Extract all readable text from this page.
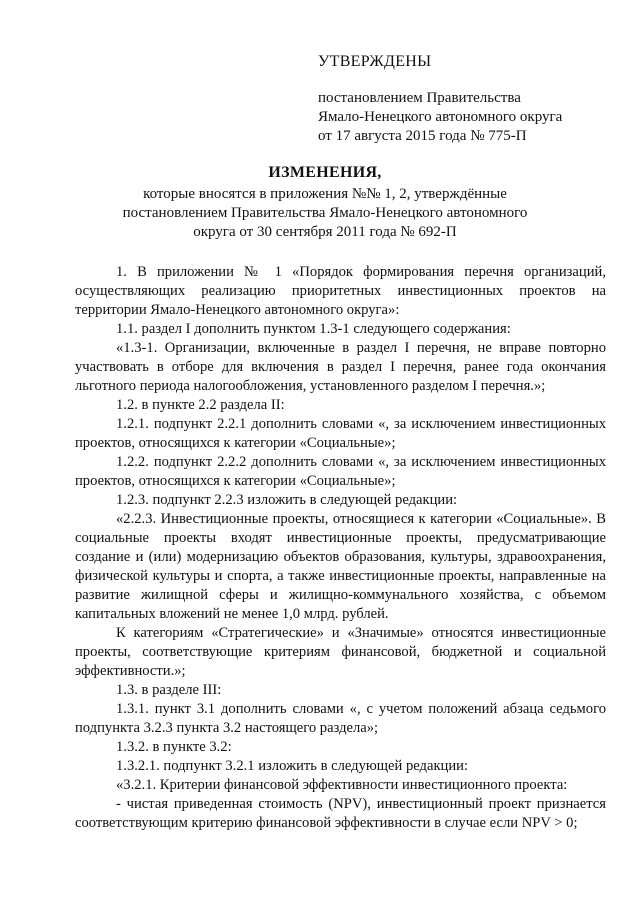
УТВЕРЖДЕНЫ

постановлением Правительства

Ямало-Ненецкого автономного округа

от 17 августа 2015 года № 775-П

ИЗМЕНЕНИЯ,

которые вносятся в приложения №№ 1, 2, утверждённые

постановлением Правительства Ямало-Ненецкого автономного

округа от 30 сентября 2011 года № 692-П

1. В приложении № 1 «Порядок формирования перечня организаций, осуществляющих реализацию приоритетных инвестиционных проектов на территории Ямало-Ненецкого автономного округа»:

1.1. раздел I дополнить пунктом 1.3-1 следующего содержания:

«1.3-1. Организации, включенные в раздел I перечня, не вправе повторно участвовать в отборе для включения в раздел I перечня, ранее года окончания льготного периода налогообложения, установленного разделом I перечня.»;

1.2. в пункте 2.2 раздела II:

1.2.1. подпункт 2.2.1 дополнить словами «, за исключением инвестиционных проектов, относящихся к категории «Социальные»;

1.2.2. подпункт 2.2.2 дополнить словами «, за исключением инвестиционных проектов, относящихся к категории «Социальные»;

1.2.3. подпункт 2.2.3 изложить в следующей редакции:

«2.2.3. Инвестиционные проекты, относящиеся к категории «Социальные». В социальные проекты входят инвестиционные проекты, предусматривающие создание и (или) модернизацию объектов образования, культуры, здравоохранения, физической культуры и спорта, а также инвестиционные проекты, направленные на развитие жилищной сферы и жилищно-коммунального хозяйства, с объемом капитальных вложений не менее 1,0 млрд. рублей.

К категориям «Стратегические» и «Значимые» относятся инвестиционные проекты, соответствующие критериям финансовой, бюджетной и социальной эффективности.»;

1.3. в разделе III:

1.3.1. пункт 3.1 дополнить словами «, с учетом положений абзаца седьмого подпункта 3.2.3 пункта 3.2 настоящего раздела»;

1.3.2. в пункте 3.2:

1.3.2.1. подпункт 3.2.1 изложить в следующей редакции:

«3.2.1. Критерии финансовой эффективности инвестиционного проекта:

- чистая приведенная стоимость (NPV), инвестиционный проект признается соответствующим критерию финансовой эффективности в случае если NPV > 0;
